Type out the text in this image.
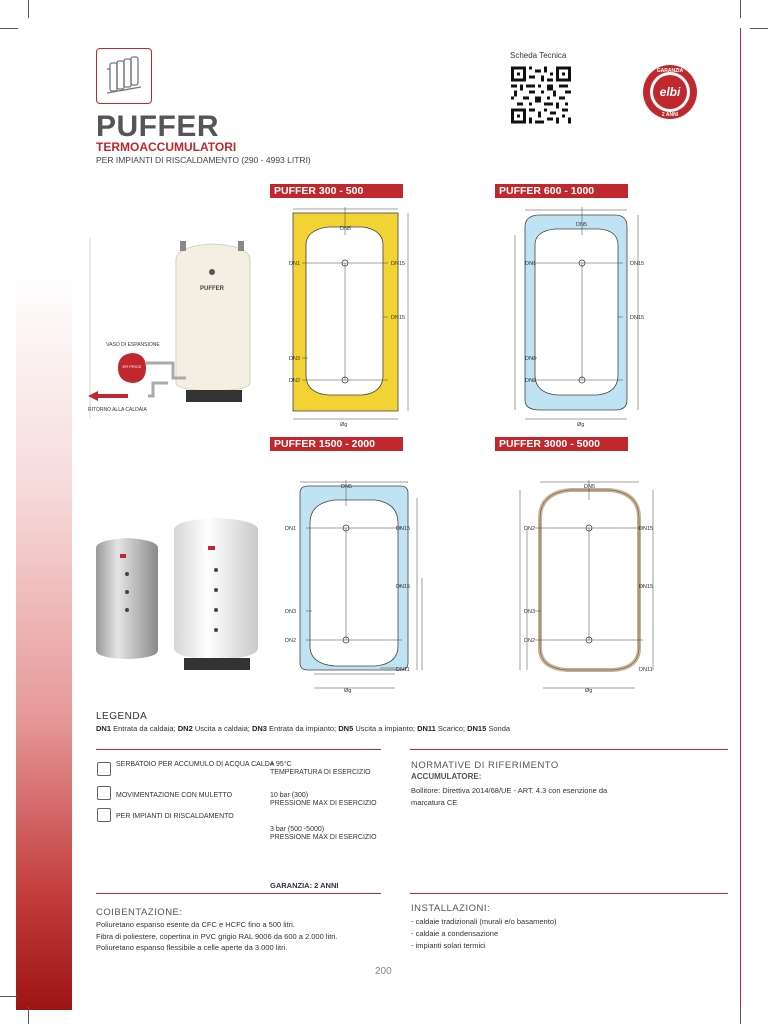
PUFFER
TERMOACCUMULATORI
PER IMPIANTI DI RISCALDAMENTO (290 - 4993 LITRI)
Scheda Tecnica
GARANZIA
elbi
2 ANNI
PUFFER 300 - 500	PUFFER 600 - 1000
PUFFER 1500 - 2000	PUFFER 3000 - 5000
DN5
DN1	DN15
DN15
DN3
DN2
Øg
DN5
DN1	DN15
DN15
DN3
DN2
Øg
DN5
DN1	DN15
DN15
DN3
DN2
DN11
Øg
DN5
DN2	DN15
DN15
DN3
DN2
DN11
Øg
PUFFER
ER PRICE
VASO DI ESPANSIONE
RITORNO ALLA CALDAIA
LEGENDA
DN1 Entrata da caldaia; DN2 Uscita a caldaia; DN3 Entrata da impianto; DN5 Uscita a impianto; DN11 Scarico; DN15 Sonda
SERBATOIO PER ACCUMULO DI ACQUA CALDA
MOVIMENTAZIONE CON MULETTO
PER IMPIANTI DI RISCALDAMENTO
+ 95°C
TEMPERATURA DI ESERCIZIO
10 bar (300)
PRESSIONE MAX DI ESERCIZIO
3 bar (500 -5000)
PRESSIONE MAX DI ESERCIZIO
GARANZIA: 2 ANNI
NORMATIVE DI RIFERIMENTO
ACCUMULATORE:
Bollitore: Direttiva 2014/68/UE - ART. 4.3 con esenzione da
marcatura CE
COIBENTAZIONE:
Poliuretano espanso esente da CFC e HCFC fino a 500 litri.
Fibra di poliestere, copertina in PVC grigio RAL 9006 da 600 a 2.000 litri.
Poliuretano espanso flessibile a celle aperte da 3.000 litri.
INSTALLAZIONI:
- caldaie tradizionali (murali e/o basamento)
- caldaie a condensazione
- impianti solari termici
200
